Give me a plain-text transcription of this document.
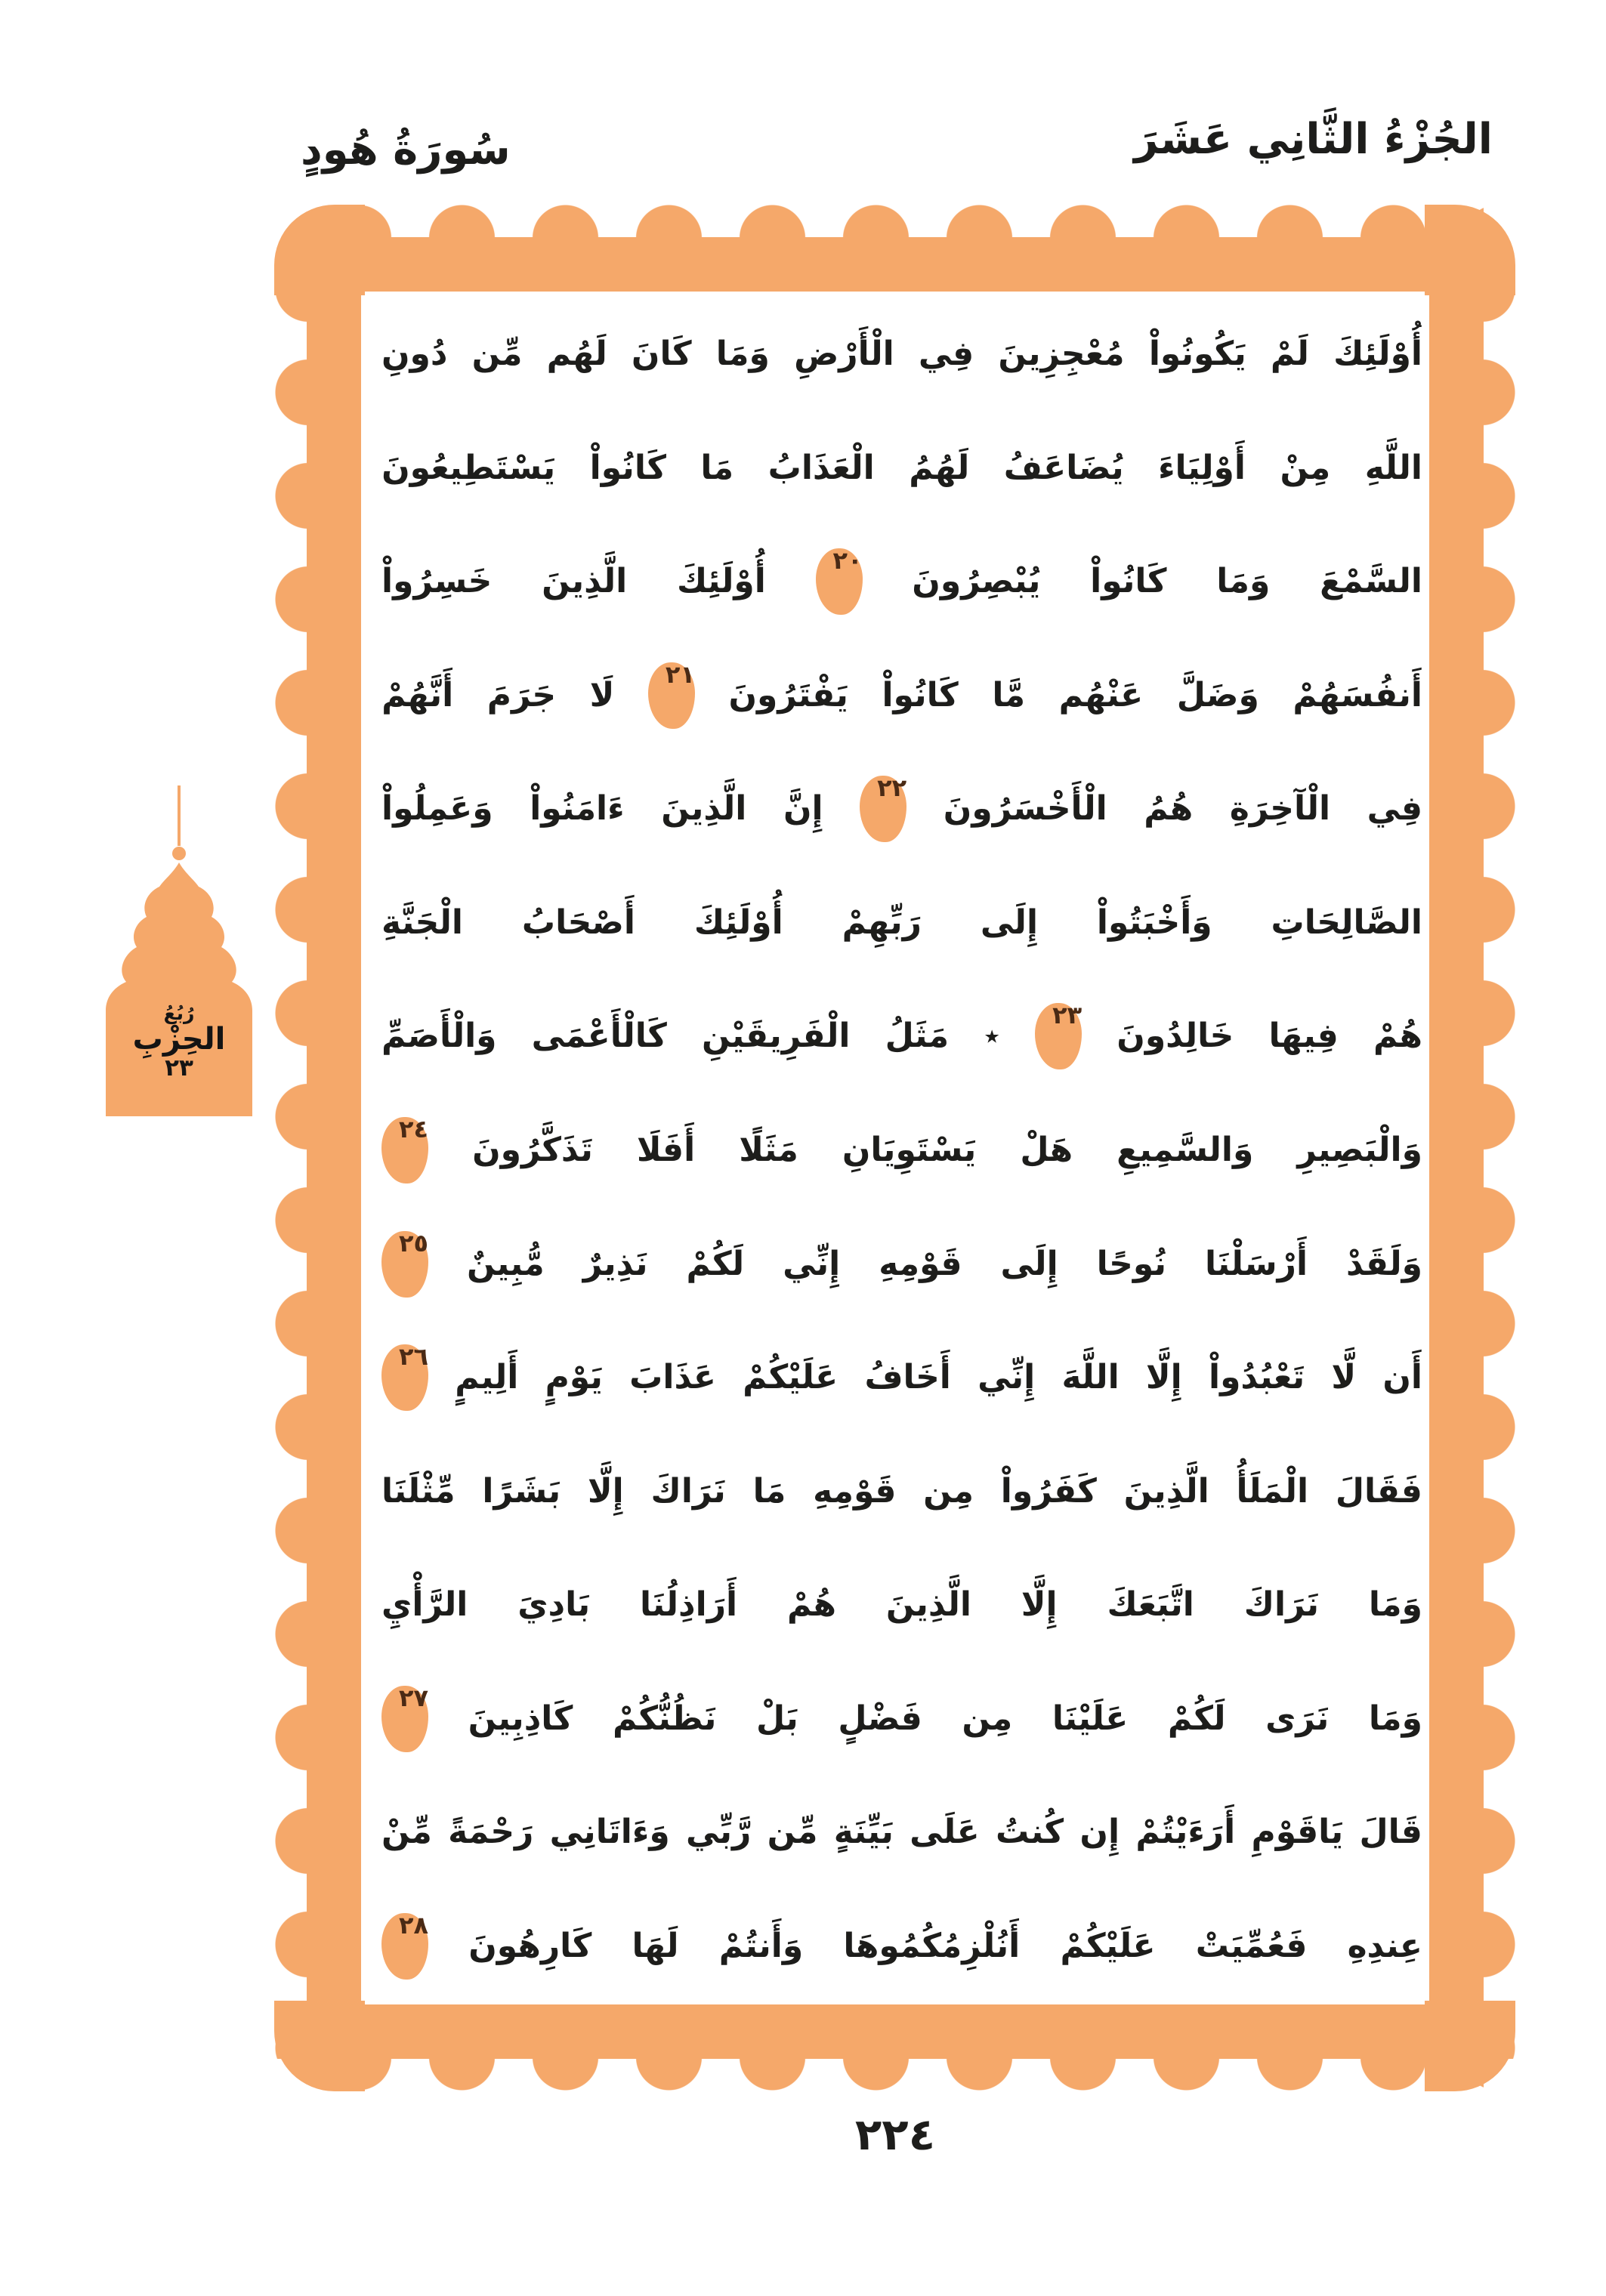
سُورَةُ هُودٍ	الجُزْءُ الثَّانِي عَشَرَ
أُوْلَئِكَ
لَمْ
يَكُونُواْ
مُعْجِزِينَ
فِي
الْأَرْضِ
وَمَا
كَانَ
لَهُم
مِّن
دُونِ
اللَّهِ
مِنْ
أَوْلِيَاءَ
يُضَاعَفُ
لَهُمُ
الْعَذَابُ
مَا
كَانُواْ
يَسْتَطِيعُونَ
السَّمْعَ
وَمَا
كَانُواْ
يُبْصِرُونَ
٢٠
أُوْلَئِكَ
الَّذِينَ
خَسِرُواْ
أَنفُسَهُمْ
وَضَلَّ
عَنْهُم
مَّا
كَانُواْ
يَفْتَرُونَ
٢١
لَا
جَرَمَ
أَنَّهُمْ
فِي
الْآخِرَةِ
هُمُ
الْأَخْسَرُونَ
٢٢
إِنَّ
الَّذِينَ
ءَامَنُواْ
وَعَمِلُواْ
الصَّالِحَاتِ
وَأَخْبَتُواْ
إِلَى
رَبِّهِمْ
أُوْلَئِكَ
أَصْحَابُ
الْجَنَّةِ
هُمْ
فِيهَا
خَالِدُونَ
٢٣
٭
مَثَلُ
الْفَرِيقَيْنِ
كَالْأَعْمَى
وَالْأَصَمِّ
وَالْبَصِيرِ
وَالسَّمِيعِ
هَلْ
يَسْتَوِيَانِ
مَثَلًا
أَفَلَا
تَذَكَّرُونَ
٢٤
وَلَقَدْ
أَرْسَلْنَا
نُوحًا
إِلَى
قَوْمِهِ
إِنِّي
لَكُمْ
نَذِيرٌ
مُّبِينٌ
٢٥
أَن
لَّا
تَعْبُدُواْ
إِلَّا
اللَّهَ
إِنِّي
أَخَافُ
عَلَيْكُمْ
عَذَابَ
يَوْمٍ
أَلِيمٍ
٢٦
فَقَالَ
الْمَلَأُ
الَّذِينَ
كَفَرُواْ
مِن
قَوْمِهِ
مَا
نَرَاكَ
إِلَّا
بَشَرًا
مِّثْلَنَا
وَمَا
نَرَاكَ
اتَّبَعَكَ
إِلَّا
الَّذِينَ
هُمْ
أَرَاذِلُنَا
بَادِيَ
الرَّأْيِ
وَمَا
نَرَى
لَكُمْ
عَلَيْنَا
مِن
فَضْلٍ
بَلْ
نَظُنُّكُمْ
كَاذِبِينَ
٢٧
قَالَ
يَاقَوْمِ
أَرَءَيْتُمْ
إِن
كُنتُ
عَلَى
بَيِّنَةٍ
مِّن
رَّبِّي
وَءَاتَانِي
رَحْمَةً
مِّنْ
عِندِهِ
فَعُمِّيَتْ
عَلَيْكُمْ
أَنُلْزِمُكُمُوهَا
وَأَنتُمْ
لَهَا
كَارِهُونَ
٢٨
رُبُعُ
الحِزْبِ
٢٣
٢٢٤
